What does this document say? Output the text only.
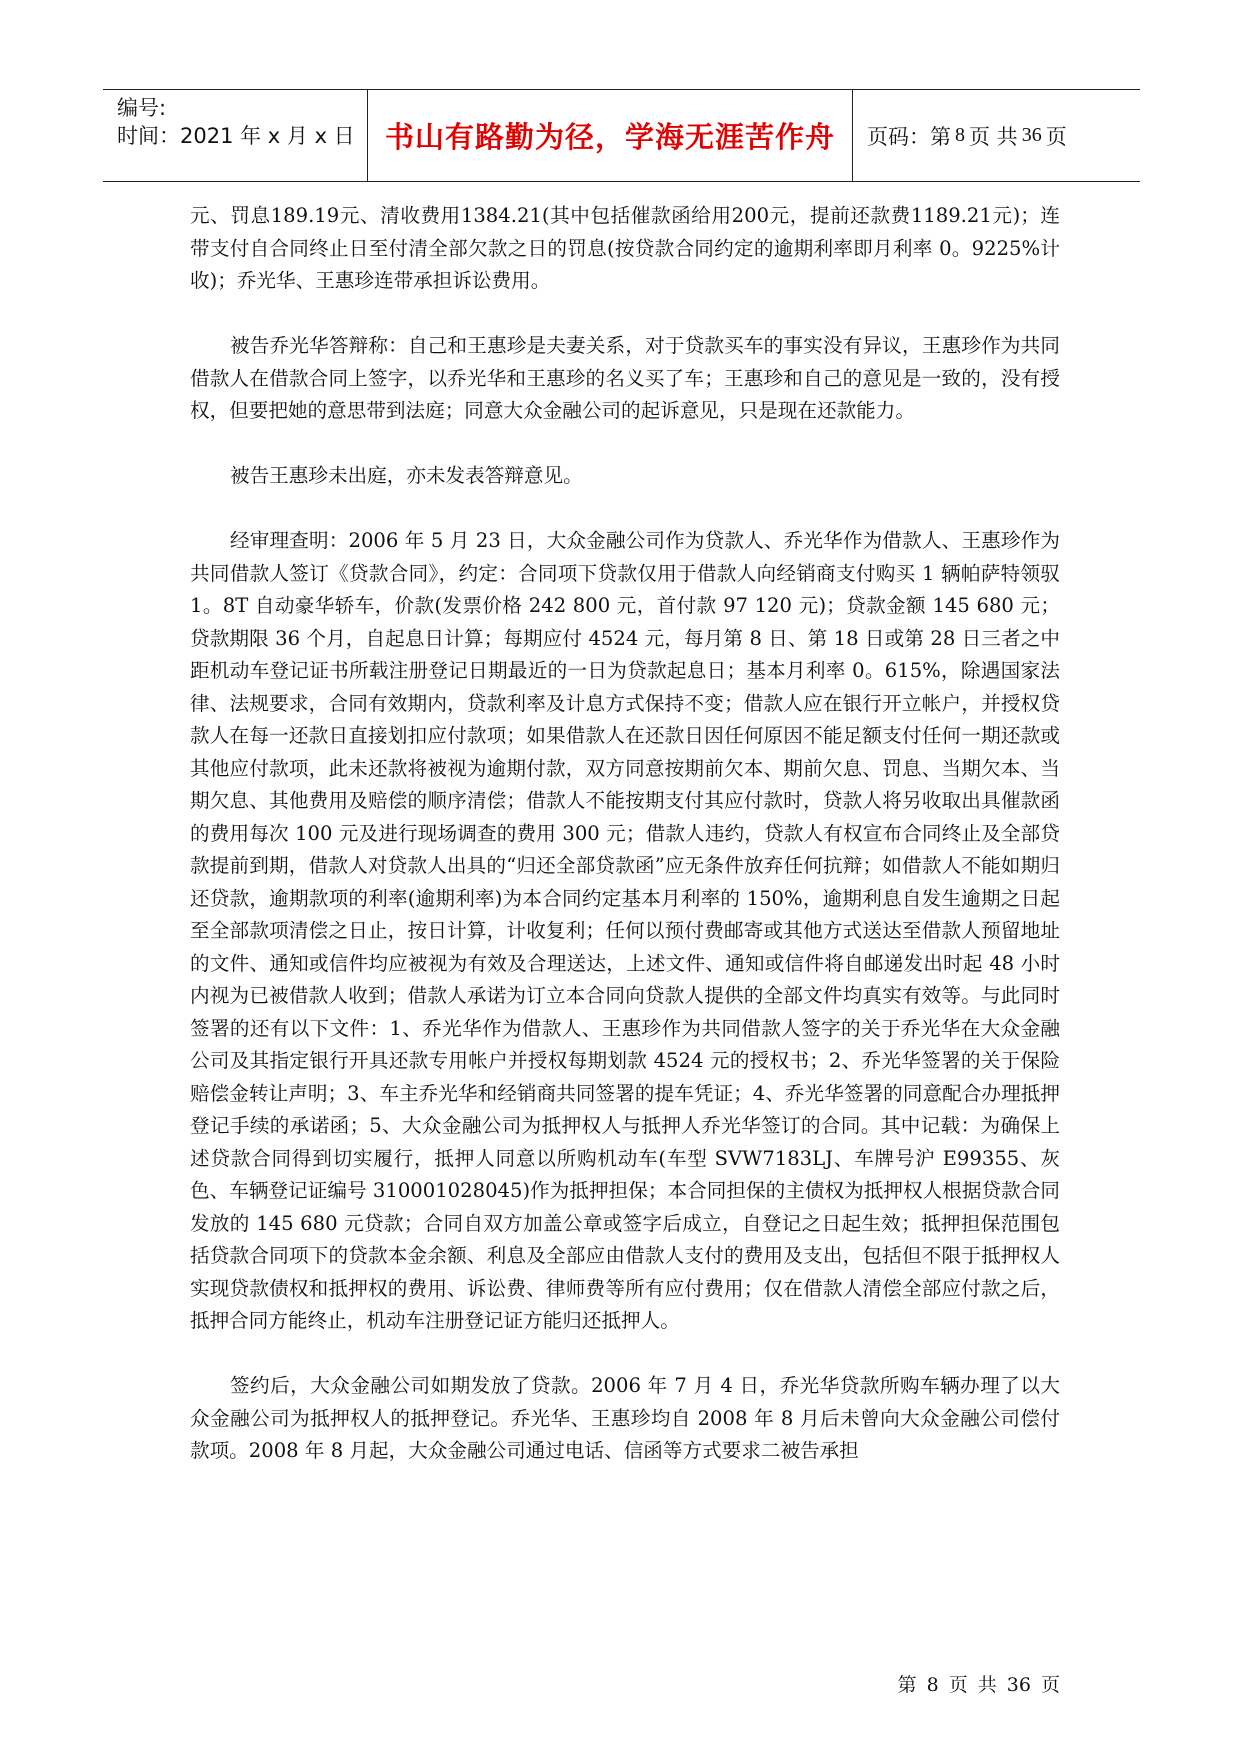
编号:
时间：2021 年 x 月 x 日	书山有路勤为径，学海无涯苦作舟	页码：第 8 页 共 36 页

元、罚息189.19元、清收费用1384.21(其中包括催款函给用200元，提前还款费1189.21元)；连带支付自合同终止日至付清全部欠款之日的罚息(按贷款合同约定的逾期利率即月利率 0。9225%计收)；乔光华、王惠珍连带承担诉讼费用。

被告乔光华答辩称：自己和王惠珍是夫妻关系，对于贷款买车的事实没有异议，王惠珍作为共同借款人在借款合同上签字，以乔光华和王惠珍的名义买了车；王惠珍和自己的意见是一致的，没有授权，但要把她的意思带到法庭；同意大众金融公司的起诉意见，只是现在还款能力。

被告王惠珍未出庭，亦未发表答辩意见。

经审理查明：2006 年 5 月 23 日，大众金融公司作为贷款人、乔光华作为借款人、王惠珍作为共同借款人签订《贷款合同》，约定：合同项下贷款仅用于借款人向经销商支付购买 1 辆帕萨特领驭 1。8T 自动豪华轿车，价款(发票价格 242 800 元，首付款 97 120 元)；贷款金额 145 680 元；贷款期限 36 个月，自起息日计算；每期应付 4524 元，每月第 8 日、第 18 日或第 28 日三者之中距机动车登记证书所载注册登记日期最近的一日为贷款起息日；基本月利率 0。615%，除遇国家法律、法规要求，合同有效期内，贷款利率及计息方式保持不变；借款人应在银行开立帐户，并授权贷款人在每一还款日直接划扣应付款项；如果借款人在还款日因任何原因不能足额支付任何一期还款或其他应付款项，此未还款将被视为逾期付款，双方同意按期前欠本、期前欠息、罚息、当期欠本、当期欠息、其他费用及赔偿的顺序清偿；借款人不能按期支付其应付款时，贷款人将另收取出具催款函的费用每次 100 元及进行现场调查的费用 300 元；借款人违约，贷款人有权宣布合同终止及全部贷款提前到期，借款人对贷款人出具的“归还全部贷款函”应无条件放弃任何抗辩；如借款人不能如期归还贷款，逾期款项的利率(逾期利率)为本合同约定基本月利率的 150%，逾期利息自发生逾期之日起至全部款项清偿之日止，按日计算，计收复利；任何以预付费邮寄或其他方式送达至借款人预留地址的文件、通知或信件均应被视为有效及合理送达，上述文件、通知或信件将自邮递发出时起 48 小时内视为已被借款人收到；借款人承诺为订立本合同向贷款人提供的全部文件均真实有效等。与此同时签署的还有以下文件：1、乔光华作为借款人、王惠珍作为共同借款人签字的关于乔光华在大众金融公司及其指定银行开具还款专用帐户并授权每期划款 4524 元的授权书；2、乔光华签署的关于保险赔偿金转让声明；3、车主乔光华和经销商共同签署的提车凭证；4、乔光华签署的同意配合办理抵押登记手续的承诺函；5、大众金融公司为抵押权人与抵押人乔光华签订的合同。其中记载：为确保上述贷款合同得到切实履行，抵押人同意以所购机动车(车型 SVW7183LJ、车牌号沪 E99355、灰色、车辆登记证编号 310001028045)作为抵押担保；本合同担保的主债权为抵押权人根据贷款合同发放的 145 680 元贷款；合同自双方加盖公章或签字后成立，自登记之日起生效；抵押担保范围包括贷款合同项下的贷款本金余额、利息及全部应由借款人支付的费用及支出，包括但不限于抵押权人实现贷款债权和抵押权的费用、诉讼费、律师费等所有应付费用；仅在借款人清偿全部应付款之后，抵押合同方能终止，机动车注册登记证方能归还抵押人。

签约后，大众金融公司如期发放了贷款。2006 年 7 月 4 日，乔光华贷款所购车辆办理了以大众金融公司为抵押权人的抵押登记。乔光华、王惠珍均自 2008 年 8 月后未曾向大众金融公司偿付款项。2008 年 8 月起，大众金融公司通过电话、信函等方式要求二被告承担

第 8 页 共 36 页
